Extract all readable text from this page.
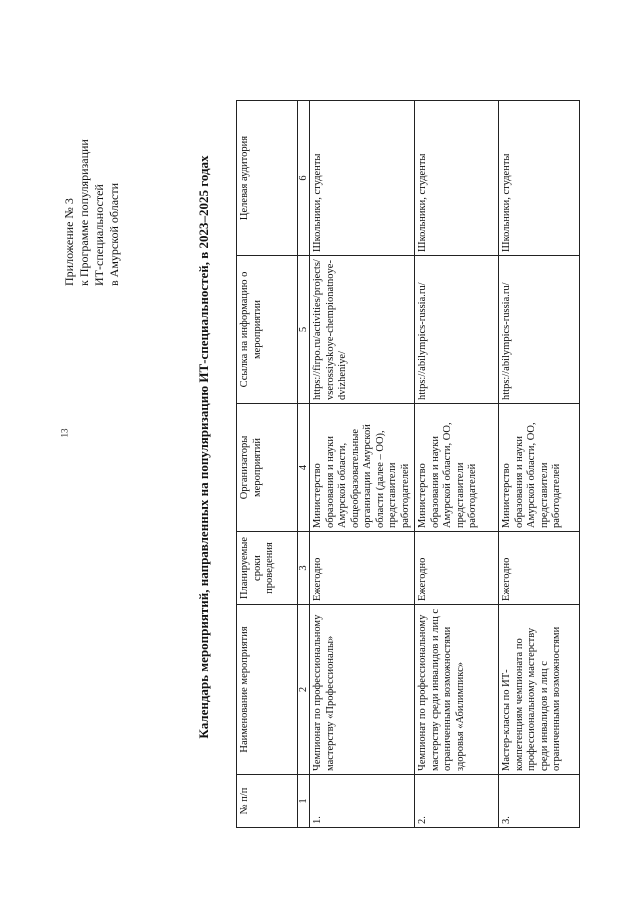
13
Приложение № 3 к Программе популяризации ИТ-специальностей в Амурской области	Календарь мероприятий, направленных на популяризацию ИТ-специальностей, в 2023–2025 годах
№ п/п	Наименование мероприятия	Планируемые сроки проведения	Организаторы мероприятий	Ссылка на информацию о мероприятии	Целевая аудитория
1	2	3	4	5	6
1.	Чемпионат по профессиональному мастерству «Профессионалы»	Ежегодно	Министерство образования и науки Амурской области, общеобразовательные организации Амурской области (далее – ОО), представители работодателей	https://firpo.ru/activities/projects/vserossiyskoye-chempionatnoye-dvizheniye/	Школьники, студенты
2.	Чемпионат по профессиональному мастерству среди инвалидов и лиц с ограниченными возможностями здоровья «Абилимпикс»	Ежегодно	Министерство образования и науки Амурской области, ОО, представители работодателей	https://abilympics-russia.ru/	Школьники, студенты
3.	Мастер-классы по ИТ-компетенциям чемпионата по профессиональному мастерству среди инвалидов и лиц с ограниченными возможностями	Ежегодно	Министерство образования и науки Амурской области, ОО, представители работодателей	https://abilympics-russia.ru/	Школьники, студенты
